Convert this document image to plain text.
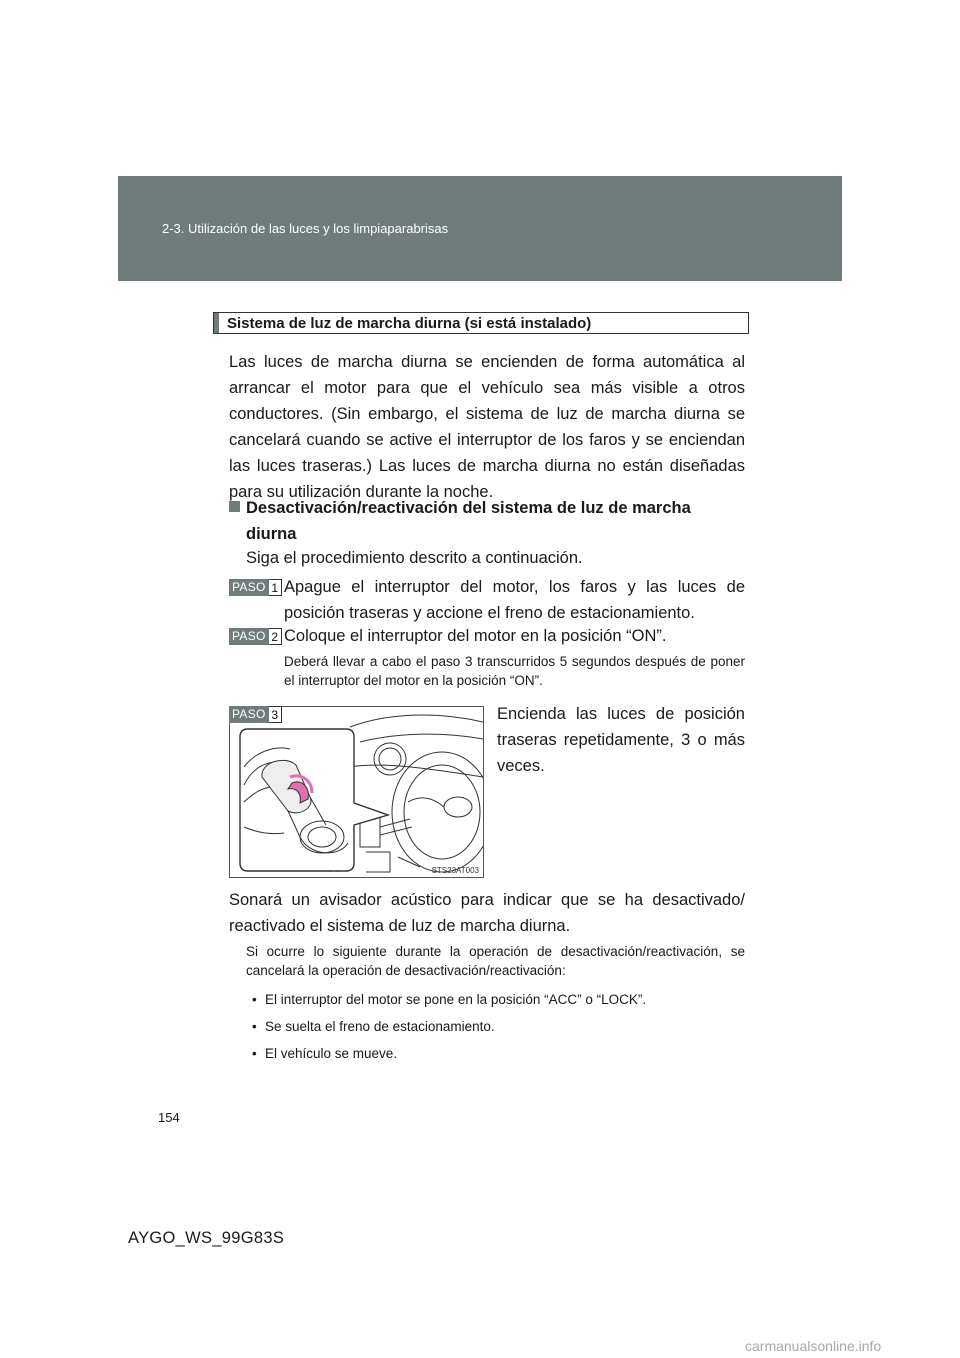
2-3. Utilización de las luces y los limpiaparabrisas
Sistema de luz de marcha diurna (si está instalado)
Las luces de marcha diurna se encienden de forma automática al arrancar el motor para que el vehículo sea más visible a otros conductores. (Sin embargo, el sistema de luz de marcha diurna se cancelará cuando se active el interruptor de los faros y se enciendan las luces traseras.) Las luces de marcha diurna no están diseñadas para su utilización durante la noche.
Desactivación/reactivación del sistema de luz de marcha
diurna
Siga el procedimiento descrito a continuación.
PASO 1 Apague el interruptor del motor, los faros y las luces de posición traseras y accione el freno de estacionamiento.
PASO 2 Coloque el interruptor del motor en la posición “ON”.
Deberá llevar a cabo el paso 3 transcurridos 5 segundos después de poner el interruptor del motor en la posición “ON”.
PASO 3
STS23AT003
Encienda las luces de posición traseras repetidamente, 3 o más veces.
Sonará un avisador acústico para indicar que se ha desactivado/ reactivado el sistema de luz de marcha diurna.
Si ocurre lo siguiente durante la operación de desactivación/reactivación, se cancelará la operación de desactivación/reactivación:
• El interruptor del motor se pone en la posición “ACC” o “LOCK”.
• Se suelta el freno de estacionamiento.
• El vehículo se mueve.
154
AYGO_WS_99G83S
carmanualsonline.info
